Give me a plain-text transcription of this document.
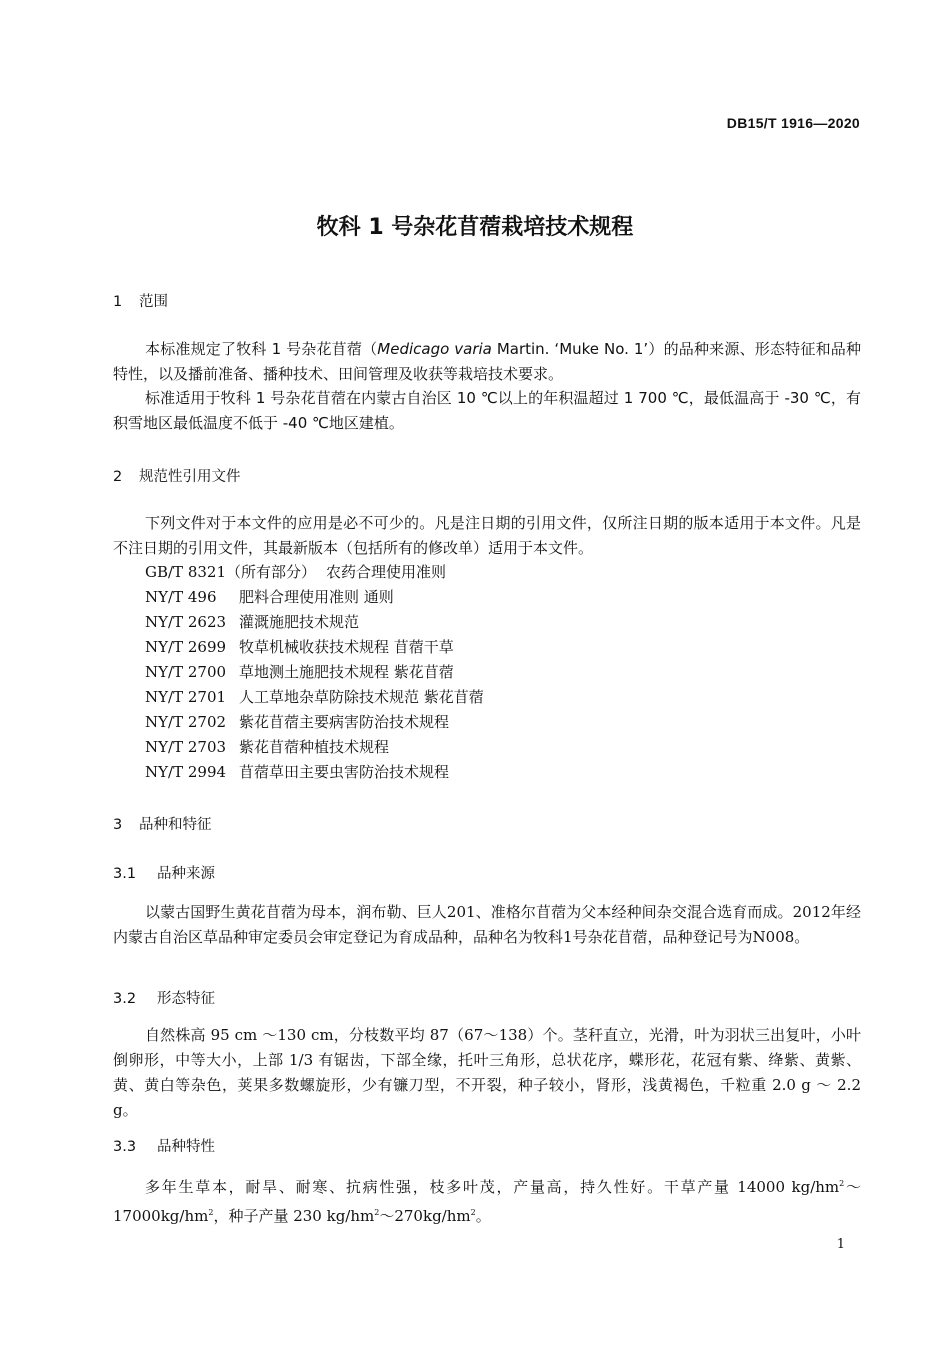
DB15/T 1916—2020
牧科 1 号杂花苜蓿栽培技术规程
1 范围
本标准规定了牧科 1 号杂花苜蓿（Medicago varia Martin. ‘Muke No. 1’）的品种来源、形态特征和品种特性，以及播前准备、播种技术、田间管理及收获等栽培技术要求。
标准适用于牧科 1 号杂花苜蓿在内蒙古自治区 10 ℃以上的年积温超过 1 700 ℃，最低温高于 -30 ℃，有积雪地区最低温度不低于 -40 ℃地区建植。
2 规范性引用文件
下列文件对于本文件的应用是必不可少的。凡是注日期的引用文件，仅所注日期的版本适用于本文件。凡是不注日期的引用文件，其最新版本（包括所有的修改单）适用于本文件。
GB/T 8321（所有部分） 农药合理使用准则
NY/T 496 肥料合理使用准则 通则
NY/T 2623 灌溉施肥技术规范
NY/T 2699 牧草机械收获技术规程 苜蓿干草
NY/T 2700 草地测土施肥技术规程 紫花苜蓿
NY/T 2701 人工草地杂草防除技术规范 紫花苜蓿
NY/T 2702 紫花苜蓿主要病害防治技术规程
NY/T 2703 紫花苜蓿种植技术规程
NY/T 2994 苜蓿草田主要虫害防治技术规程
3 品种和特征
3.1 品种来源
以蒙古国野生黄花苜蓿为母本，润布勒、巨人201、准格尔苜蓿为父本经种间杂交混合选育而成。2012年经内蒙古自治区草品种审定委员会审定登记为育成品种，品种名为牧科1号杂花苜蓿，品种登记号为N008。
3.2 形态特征
自然株高 95 cm ～130 cm，分枝数平均 87（67～138）个。茎秆直立，光滑，叶为羽状三出复叶，小叶倒卵形，中等大小，上部 1/3 有锯齿，下部全缘，托叶三角形，总状花序，蝶形花，花冠有紫、绛紫、黄紫、黄、黄白等杂色，荚果多数螺旋形，少有镰刀型，不开裂，种子较小，肾形，浅黄褐色，千粒重 2.0 g ～ 2.2 g。
3.3 品种特性
多年生草本，耐旱、耐寒、抗病性强，枝多叶茂，产量高，持久性好。干草产量 14000 $kg/hm^2\sim 17000kg/hm^2$，种子产量 230 $kg/hm^2\sim 270kg/hm^2$。
1
